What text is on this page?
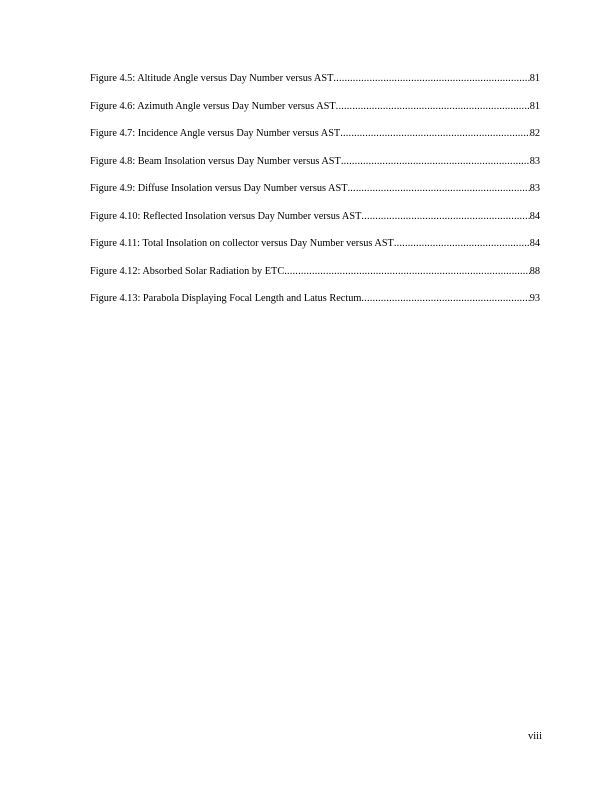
Figure 4.5: Altitude Angle versus Day Number versus AST .....	81
Figure 4.6: Azimuth Angle versus Day Number versus AST .....	81
Figure 4.7: Incidence Angle versus Day Number versus AST .....	82
Figure 4.8: Beam Insolation versus Day Number versus AST .....	83
Figure 4.9: Diffuse Insolation versus Day Number versus AST .....	83
Figure 4.10: Reflected Insolation versus Day Number versus AST .....	84
Figure 4.11: Total Insolation on collector versus Day Number versus AST .....	84
Figure 4.12: Absorbed Solar Radiation by ETC .....	88
Figure 4.13: Parabola Displaying Focal Length and Latus Rectum .....	93
viii
